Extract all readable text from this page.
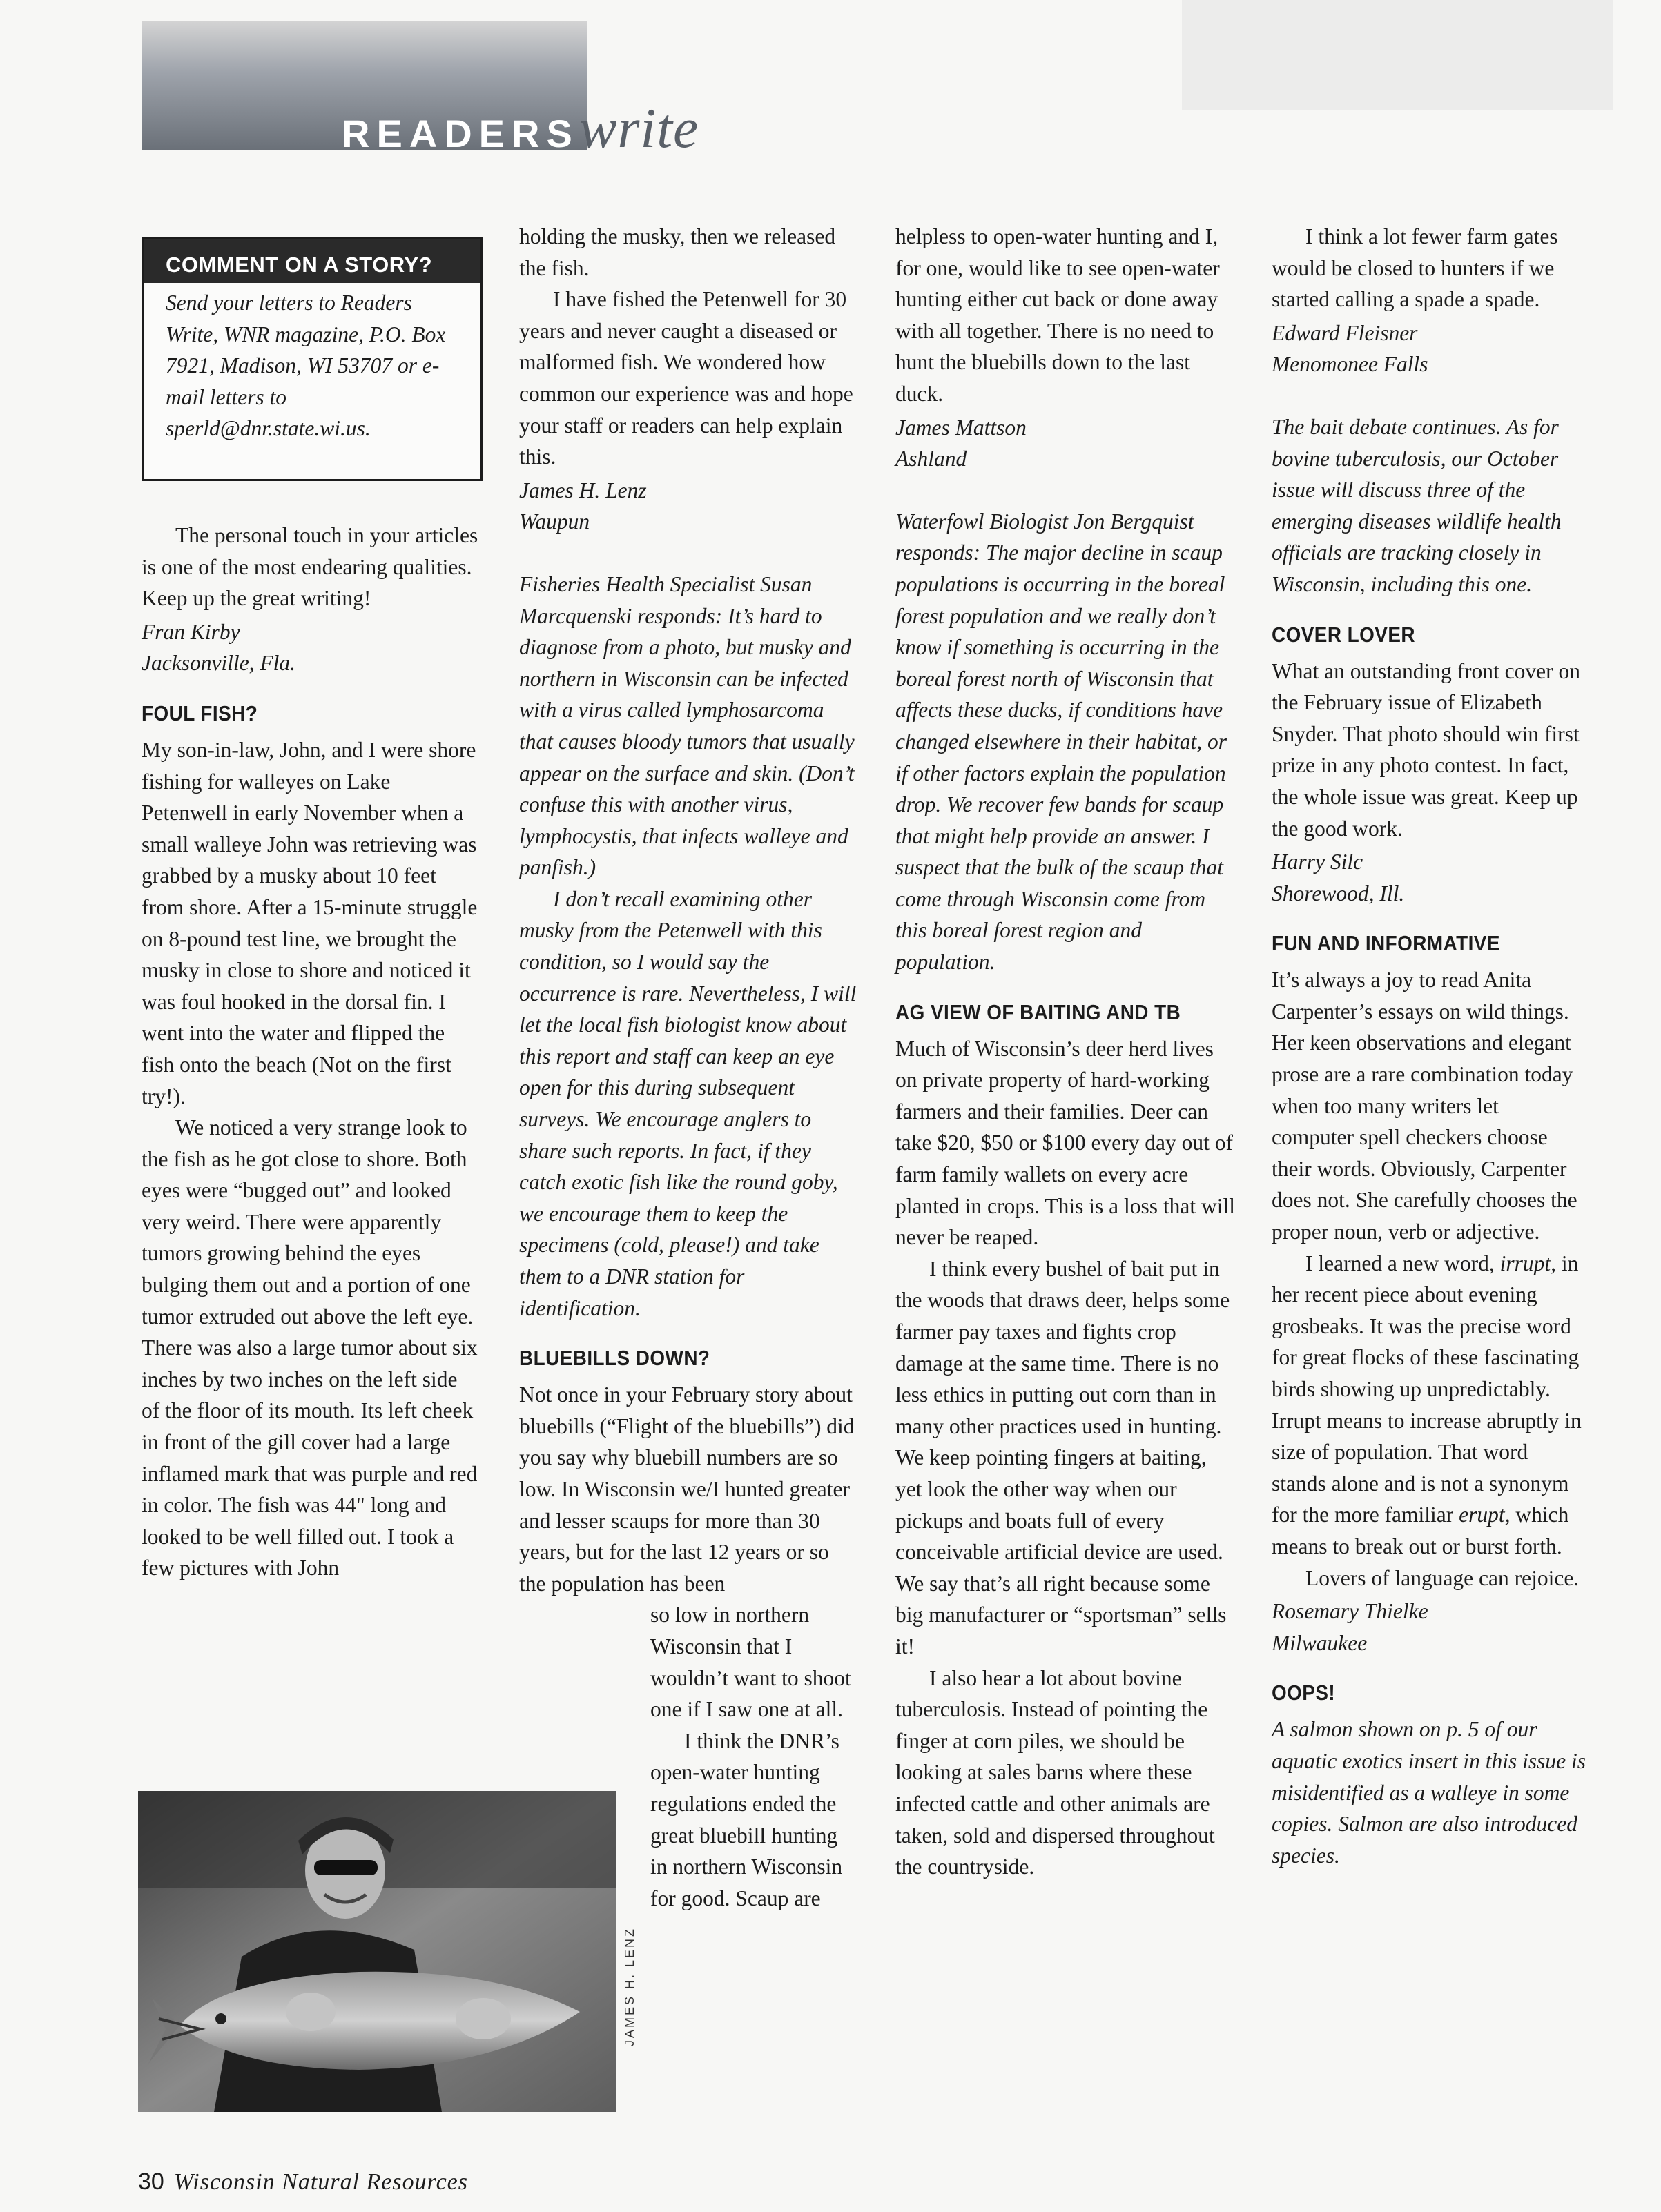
READERSwrite
COMMENT ON A STORY?
Send your letters to Readers Write, WNR magazine, P.O. Box 7921, Madison, WI 53707 or e-mail letters to sperld@dnr.state.wi.us.

The personal touch in your articles is one of the most endearing qualities. Keep up the great writing!

Fran Kirby

Jacksonville, Fla.

FOUL FISH?

My son-in-law, John, and I were shore fishing for walleyes on Lake Petenwell in early November when a small walleye John was retrieving was grabbed by a musky about 10 feet from shore. After a 15-minute struggle on 8-pound test line, we brought the musky in close to shore and noticed it was foul hooked in the dorsal fin. I went into the water and flipped the fish onto the beach (Not on the first try!).

We noticed a very strange look to the fish as he got close to shore. Both eyes were “bugged out” and looked very weird. There were apparently tumors growing behind the eyes bulging them out and a portion of one tumor extruded out above the left eye. There was also a large tumor about six inches by two inches on the left side of the floor of its mouth. Its left cheek in front of the gill cover had a large inflamed mark that was purple and red in color. The fish was 44" long and looked to be well filled out. I took a few pictures with John

JAMES H. LENZ

holding the musky, then we released the fish.

I have fished the Petenwell for 30 years and never caught a diseased or malformed fish. We wondered how common our experience was and hope your staff or readers can help explain this.

James H. Lenz

Waupun

Fisheries Health Specialist Susan Marcquenski responds: It’s hard to diagnose from a photo, but musky and northern in Wisconsin can be infected with a virus called lymphosarcoma that causes bloody tumors that usually appear on the surface and skin. (Don’t confuse this with another virus, lymphocystis, that infects walleye and panfish.)

I don’t recall examining other musky from the Petenwell with this condition, so I would say the occurrence is rare. Nevertheless, I will let the local fish biologist know about this report and staff can keep an eye open for this during subsequent surveys. We encourage anglers to share such reports. In fact, if they catch exotic fish like the round goby, we encourage them to keep the specimens (cold, please!) and take them to a DNR station for identification.

BLUEBILLS DOWN?

Not once in your February story about bluebills (“Flight of the bluebills”) did you say why bluebill numbers are so low. In Wisconsin we/I hunted greater and lesser scaups for more than 30 years, but for the last 12 years or so the population has been

so low in northern Wisconsin that I wouldn’t want to shoot one if I saw one at all.

I think the DNR’s open-water hunting regulations ended the great bluebill hunting in northern Wisconsin for good. Scaup are

helpless to open-water hunting and I, for one, would like to see open-water hunting either cut back or done away with all together. There is no need to hunt the bluebills down to the last duck.

James Mattson

Ashland

Waterfowl Biologist Jon Bergquist responds: The major decline in scaup populations is occurring in the boreal forest population and we really don’t know if something is occurring in the boreal forest north of Wisconsin that affects these ducks, if conditions have changed elsewhere in their habitat, or if other factors explain the population drop. We recover few bands for scaup that might help provide an answer. I suspect that the bulk of the scaup that come through Wisconsin come from this boreal forest region and population.

AG VIEW OF BAITING AND TB

Much of Wisconsin’s deer herd lives on private property of hard-working farmers and their families. Deer can take $20, $50 or $100 every day out of farm family wallets on every acre planted in crops. This is a loss that will never be reaped.

I think every bushel of bait put in the woods that draws deer, helps some farmer pay taxes and fights crop damage at the same time. There is no less ethics in putting out corn than in many other practices used in hunting. We keep pointing fingers at baiting, yet look the other way when our pickups and boats full of every conceivable artificial device are used. We say that’s all right because some big manufacturer or “sportsman” sells it!

I also hear a lot about bovine tuberculosis. Instead of pointing the finger at corn piles, we should be looking at sales barns where these infected cattle and other animals are taken, sold and dispersed throughout the countryside.

I think a lot fewer farm gates would be closed to hunters if we started calling a spade a spade.

Edward Fleisner

Menomonee Falls

The bait debate continues. As for bovine tuberculosis, our October issue will discuss three of the emerging diseases wildlife health officials are tracking closely in Wisconsin, including this one.

COVER LOVER

What an outstanding front cover on the February issue of Elizabeth Snyder. That photo should win first prize in any photo contest. In fact, the whole issue was great. Keep up the good work.

Harry Silc

Shorewood, Ill.

FUN AND INFORMATIVE

It’s always a joy to read Anita Carpenter’s essays on wild things. Her keen observations and elegant prose are a rare combination today when too many writers let computer spell checkers choose their words. Obviously, Carpenter does not. She carefully chooses the proper noun, verb or adjective.

I learned a new word, irrupt, in her recent piece about evening grosbeaks. It was the precise word for great flocks of these fascinating birds showing up unpredictably. Irrupt means to increase abruptly in size of population. That word stands alone and is not a synonym for the more familiar erupt, which means to break out or burst forth.

Lovers of language can rejoice.

Rosemary Thielke

Milwaukee

OOPS!

A salmon shown on p. 5 of our aquatic exotics insert in this issue is misidentified as a walleye in some copies. Salmon are also introduced species.

30 Wisconsin Natural Resources
